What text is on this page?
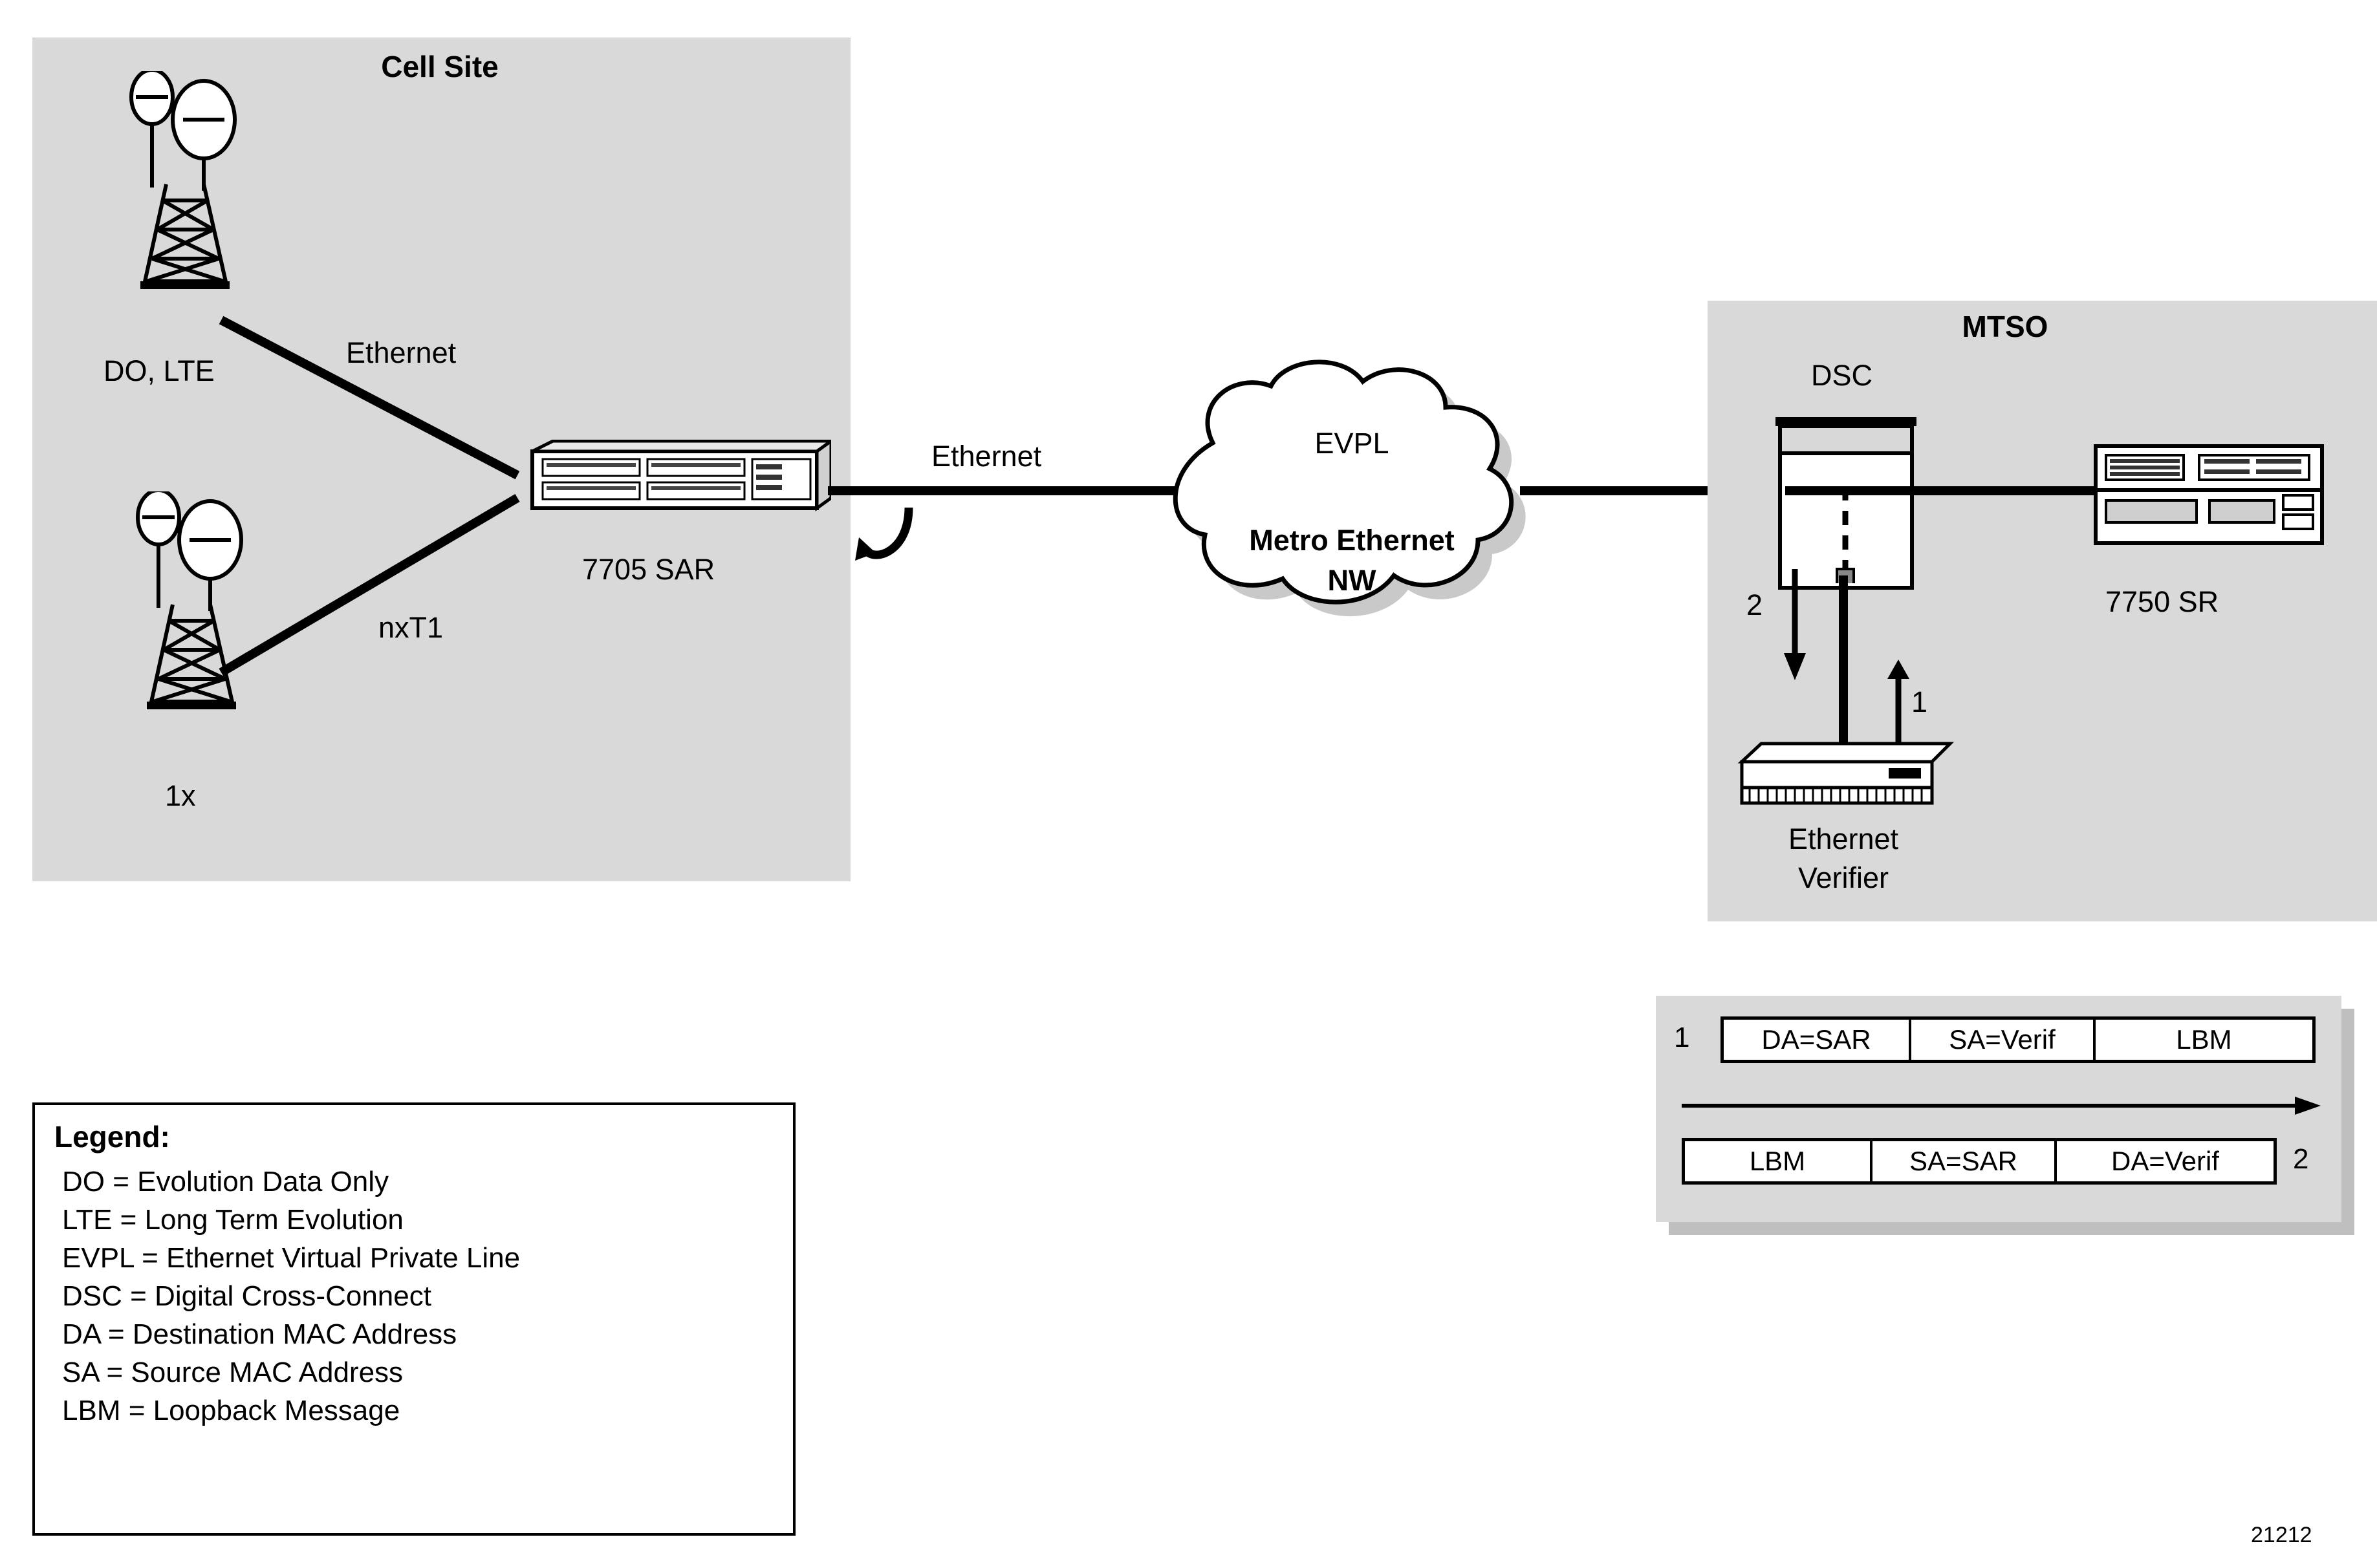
Cell Site
DO, LTE
1x
Ethernet
nxT1
7705 SAR
Ethernet	EVPL
Metro Ethernet
NW
MTSO
DSC
2
1
Ethernet
Verifier
7750 SR
1	DA=SAR	SA=Verif	LBM
LBM	SA=SAR	DA=Verif	2
Legend:
DO = Evolution Data Only
LTE = Long Term Evolution
EVPL = Ethernet Virtual Private Line
DSC = Digital Cross-Connect
DA = Destination MAC Address
SA = Source MAC Address
LBM = Loopback Message
21212
